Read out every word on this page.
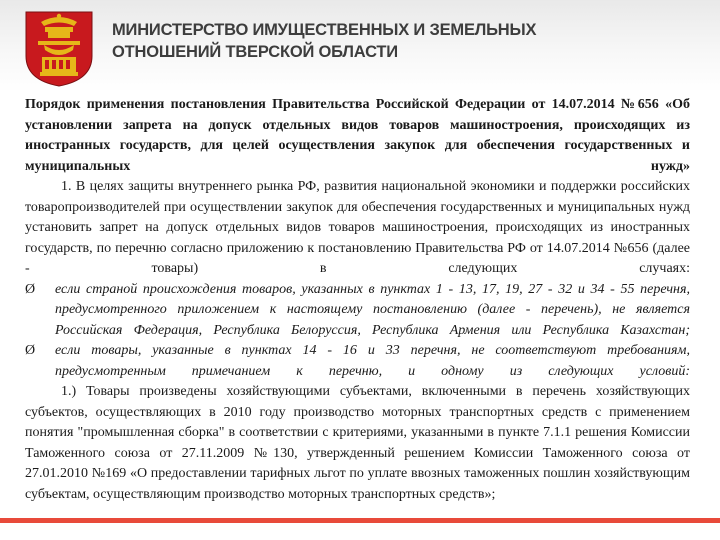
МИНИСТЕРСТВО ИМУЩЕСТВЕННЫХ И ЗЕМЕЛЬНЫХ
ОТНОШЕНИЙ ТВЕРСКОЙ ОБЛАСТИ

Порядок применения постановления Правительства Российской Федерации от 14.07.2014 №656 «Об установлении запрета на допуск отдельных видов товаров машиностроения, происходящих из иностранных государств, для целей осуществления закупок для обеспечения государственных и муниципальных нужд»

1. В целях защиты внутреннего рынка РФ, развития национальной экономики и поддержки российских товаропроизводителей при осуществлении закупок для обеспечения государственных и муниципальных нужд установить запрет на допуск отдельных видов товаров машиностроения, происходящих из иностранных государств, по перечню согласно приложению к постановлению Правительства РФ от 14.07.2014 №656 (далее - товары) в следующих случаях:

Ø если страной происхождения товаров, указанных в пунктах 1 - 13, 17, 19, 27 - 32 и 34 - 55 перечня, предусмотренного приложением к настоящему постановлению (далее - перечень), не является Российская Федерация, Республика Белоруссия, Республика Армения или Республика Казахстан;

Ø если товары, указанные в пунктах 14 - 16 и 33 перечня, не соответствуют требованиям, предусмотренным примечанием к перечню, и одному из следующих условий:

1.) Товары произведены хозяйствующими субъектами, включенными в перечень хозяйствующих субъектов, осуществляющих в 2010 году производство моторных транспортных средств с применением понятия "промышленная сборка" в соответствии с критериями, указанными в пункте 7.1.1 решения Комиссии Таможенного союза от 27.11.2009 №130, утвержденный решением Комиссии Таможенного союза от 27.01.2010 №169 «О предоставлении тарифных льгот по уплате ввозных таможенных пошлин хозяйствующим субъектам, осуществляющим производство моторных транспортных средств»;
